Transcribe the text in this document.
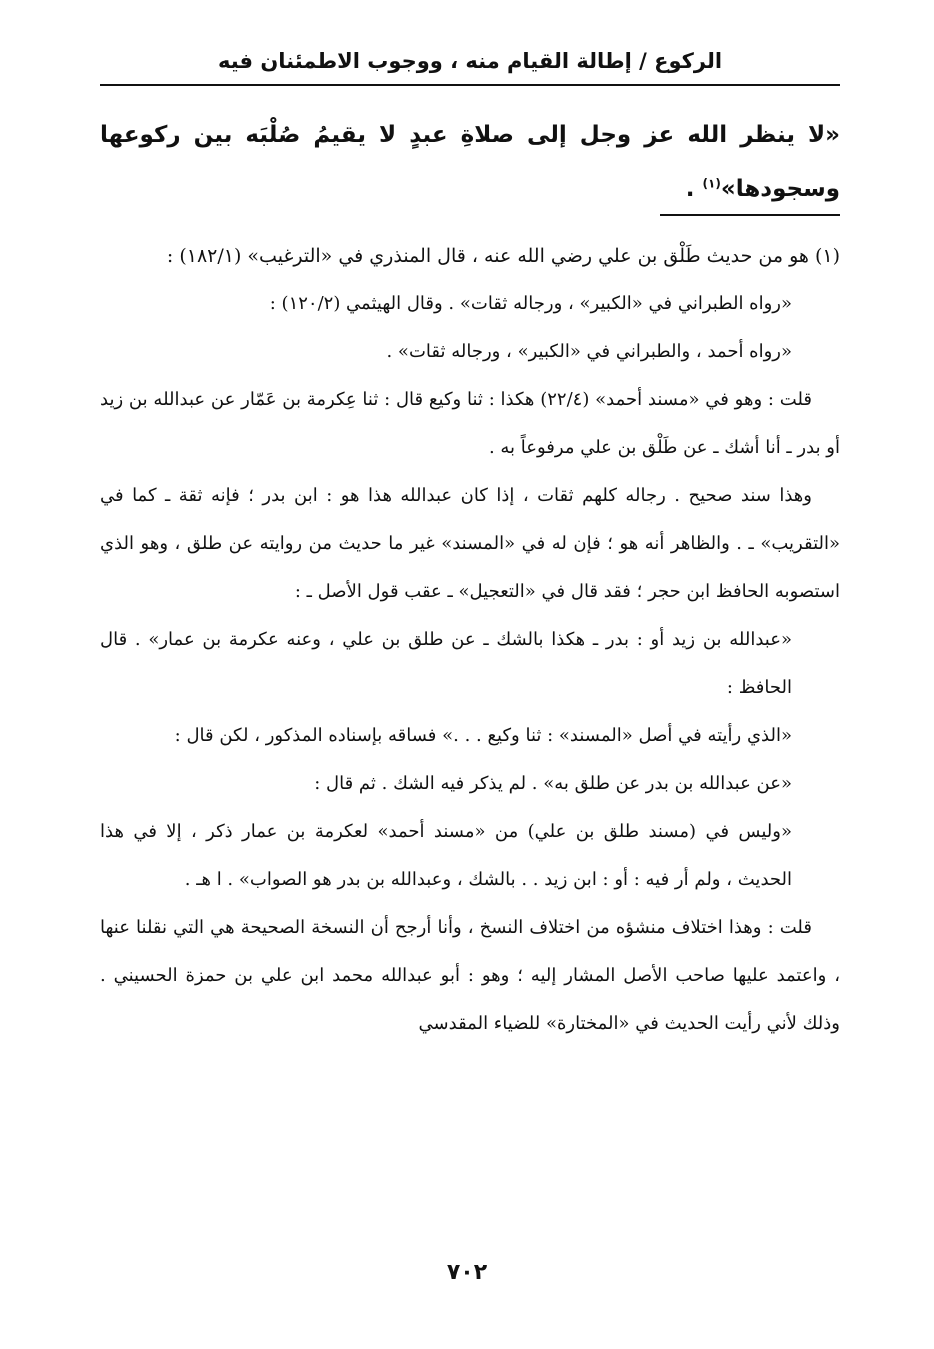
الركوع / إطالة القيام منه ، ووجوب الاطمئنان فيه
«لا ينظر الله عز وجل إلى صلاةِ عبدٍ لا يقيمُ صُلْبَه بين ركوعها وسجودها»$^{(١)}$ .

(١) هو من حديث طَلْق بن علي رضي الله عنه ، قال المنذري في «الترغيب» (١٨٢/١) :

«رواه الطبراني في «الكبير» ، ورجاله ثقات» . وقال الهيثمي (١٢٠/٢) :

«رواه أحمد ، والطبراني في «الكبير» ، ورجاله ثقات» .

قلت : وهو في «مسند أحمد» (٢٢/٤) هكذا : ثنا وكيع قال : ثنا عِكرمة بن عَمّار عن عبدالله بن زيد أو بدر ـ أنا أشك ـ عن طَلْق بن علي مرفوعاً به .

وهذا سند صحيح . رجاله كلهم ثقات ، إذا كان عبدالله هذا هو : ابن بدر ؛ فإنه ثقة ـ كما في «التقريب» ـ . والظاهر أنه هو ؛ فإن له في «المسند» غير ما حديث من روايته عن طلق ، وهو الذي استصوبه الحافظ ابن حجر ؛ فقد قال في «التعجيل» ـ عقب قول الأصل ـ :

«عبدالله بن زيد أو : بدر ـ هكذا بالشك ـ عن طلق بن علي ، وعنه عكرمة بن عمار» . قال الحافظ :

«الذي رأيته في أصل «المسند» : ثنا وكيع . . .» فساقه بإسناده المذكور ، لكن قال :

«عن عبدالله بن بدر عن طلق به» . لم يذكر فيه الشك . ثم قال :

«وليس في (مسند طلق بن علي) من «مسند أحمد» لعكرمة بن عمار ذكر ، إلا في هذا الحديث ، ولم أر فيه : أو : ابن زيد . . بالشك ، وعبدالله بن بدر هو الصواب» . ا هـ .

قلت : وهذا اختلاف منشؤه من اختلاف النسخ ، وأنا أرجح أن النسخة الصحيحة هي التي نقلنا عنها ، واعتمد عليها صاحب الأصل المشار إليه ؛ وهو : أبو عبدالله محمد ابن علي بن حمزة الحسيني . وذلك لأني رأيت الحديث في «المختارة» للضياء المقدسي

٧٠٢
